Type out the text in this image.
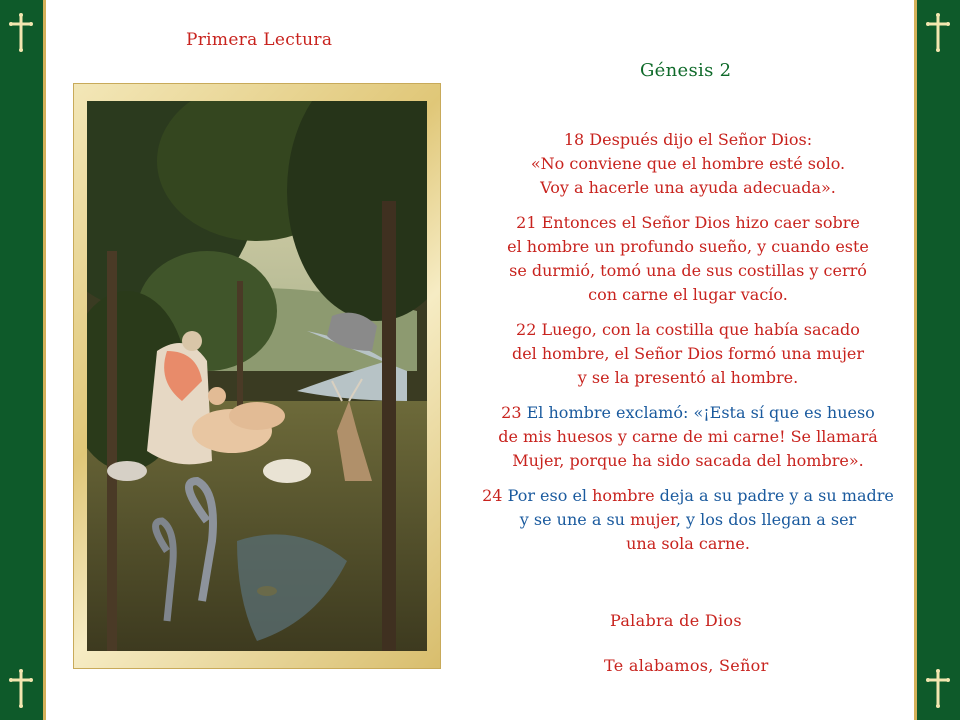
Primera Lectura
Génesis 2
18 Después dijo el Señor Dios:
«No conviene que el hombre esté solo.
Voy a hacerle una ayuda adecuada».
21 Entonces el Señor Dios hizo caer sobre
el hombre un profundo sueño, y cuando este
se durmió, tomó una de sus costillas y cerró
con carne el lugar vacío.
22 Luego, con la costilla que había sacado
del hombre, el Señor Dios formó una mujer
y se la presentó al hombre.
23 El hombre exclamó: «¡Esta sí que es hueso
de mis huesos y carne de mi carne! Se llamará
Mujer, porque ha sido sacada del hombre».
24 Por eso el hombre deja a su padre y a su madre
y se une a su mujer, y los dos llegan a ser
una sola carne.
Palabra de Dios
Te alabamos, Señor
